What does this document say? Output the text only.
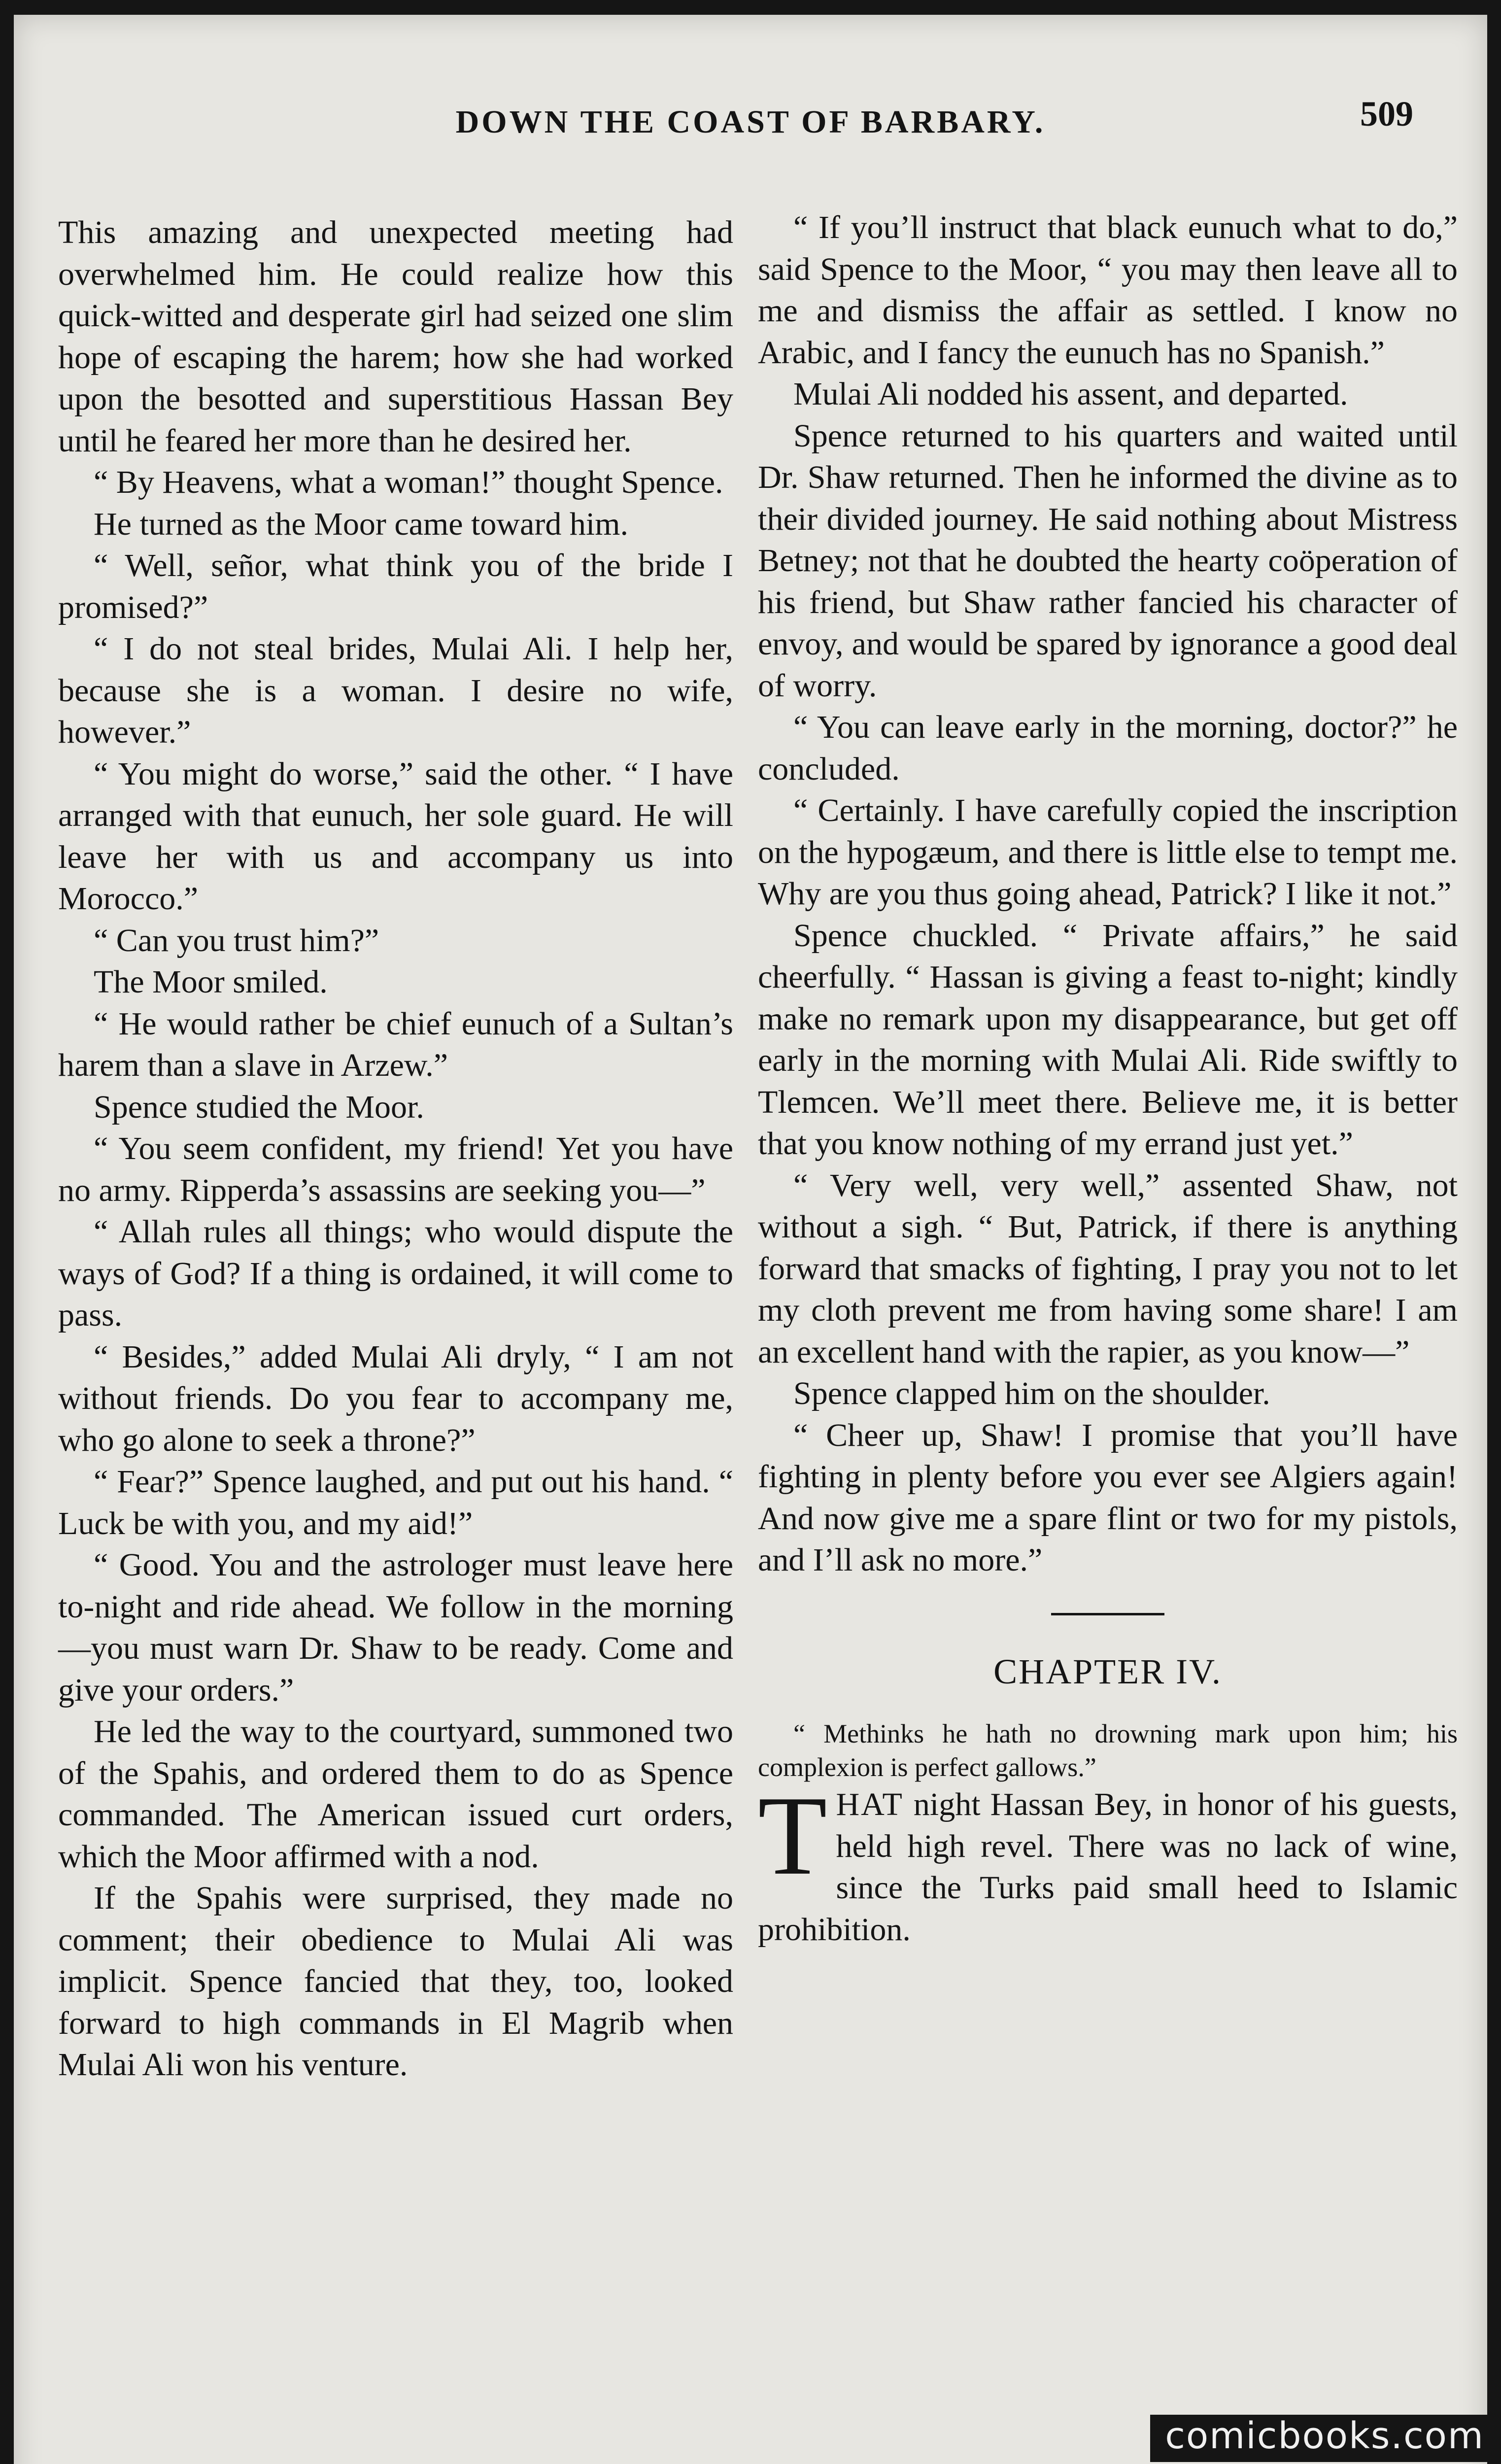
DOWN THE COAST OF BARBARY.	509

This amazing and unexpected meeting had overwhelmed him. He could realize how this quick-witted and desperate girl had seized one slim hope of escaping the harem; how she had worked upon the besotted and superstitious Hassan Bey until he feared her more than he desired her.

“ By Heavens, what a woman!” thought Spence.

He turned as the Moor came toward him.

“ Well, señor, what think you of the bride I promised?”

“ I do not steal brides, Mulai Ali. I help her, because she is a woman. I desire no wife, however.”

“ You might do worse,” said the other. “ I have arranged with that eunuch, her sole guard. He will leave her with us and accompany us into Morocco.”

“ Can you trust him?”

The Moor smiled.

“ He would rather be chief eunuch of a Sultan’s harem than a slave in Arzew.”

Spence studied the Moor.

“ You seem confident, my friend! Yet you have no army. Ripperda’s assassins are seeking you—”

“ Allah rules all things; who would dispute the ways of God? If a thing is ordained, it will come to pass.

“ Besides,” added Mulai Ali dryly, “ I am not without friends. Do you fear to accompany me, who go alone to seek a throne?”

“ Fear?” Spence laughed, and put out his hand. “ Luck be with you, and my aid!”

“ Good. You and the astrologer must leave here to-night and ride ahead. We follow in the morning—you must warn Dr. Shaw to be ready. Come and give your orders.”

He led the way to the courtyard, summoned two of the Spahis, and ordered them to do as Spence commanded. The American issued curt orders, which the Moor affirmed with a nod.

If the Spahis were surprised, they made no comment; their obedience to Mulai Ali was implicit. Spence fancied that they, too, looked forward to high commands in El Magrib when Mulai Ali won his venture.

“ If you’ll instruct that black eunuch what to do,” said Spence to the Moor, “ you may then leave all to me and dismiss the affair as settled. I know no Arabic, and I fancy the eunuch has no Spanish.”

Mulai Ali nodded his assent, and departed.

Spence returned to his quarters and waited until Dr. Shaw returned. Then he informed the divine as to their divided journey. He said nothing about Mistress Betney; not that he doubted the hearty coöperation of his friend, but Shaw rather fancied his character of envoy, and would be spared by ignorance a good deal of worry.

“ You can leave early in the morning, doctor?” he concluded.

“ Certainly. I have carefully copied the inscription on the hypogæum, and there is little else to tempt me. Why are you thus going ahead, Patrick? I like it not.”

Spence chuckled. “ Private affairs,” he said cheerfully. “ Hassan is giving a feast to-night; kindly make no remark upon my disappearance, but get off early in the morning with Mulai Ali. Ride swiftly to Tlemcen. We’ll meet there. Believe me, it is better that you know nothing of my errand just yet.”

“ Very well, very well,” assented Shaw, not without a sigh. “ But, Patrick, if there is anything forward that smacks of fighting, I pray you not to let my cloth prevent me from having some share! I am an excellent hand with the rapier, as you know—”

Spence clapped him on the shoulder.

“ Cheer up, Shaw! I promise that you’ll have fighting in plenty before you ever see Algiers again! And now give me a spare flint or two for my pistols, and I’ll ask no more.”

CHAPTER IV.

“ Methinks he hath no drowning mark upon him; his complexion is perfect gallows.”

THAT night Hassan Bey, in honor of his guests, held high revel. There was no lack of wine, since the Turks paid small heed to Islamic prohibition.

comicbooks.com
